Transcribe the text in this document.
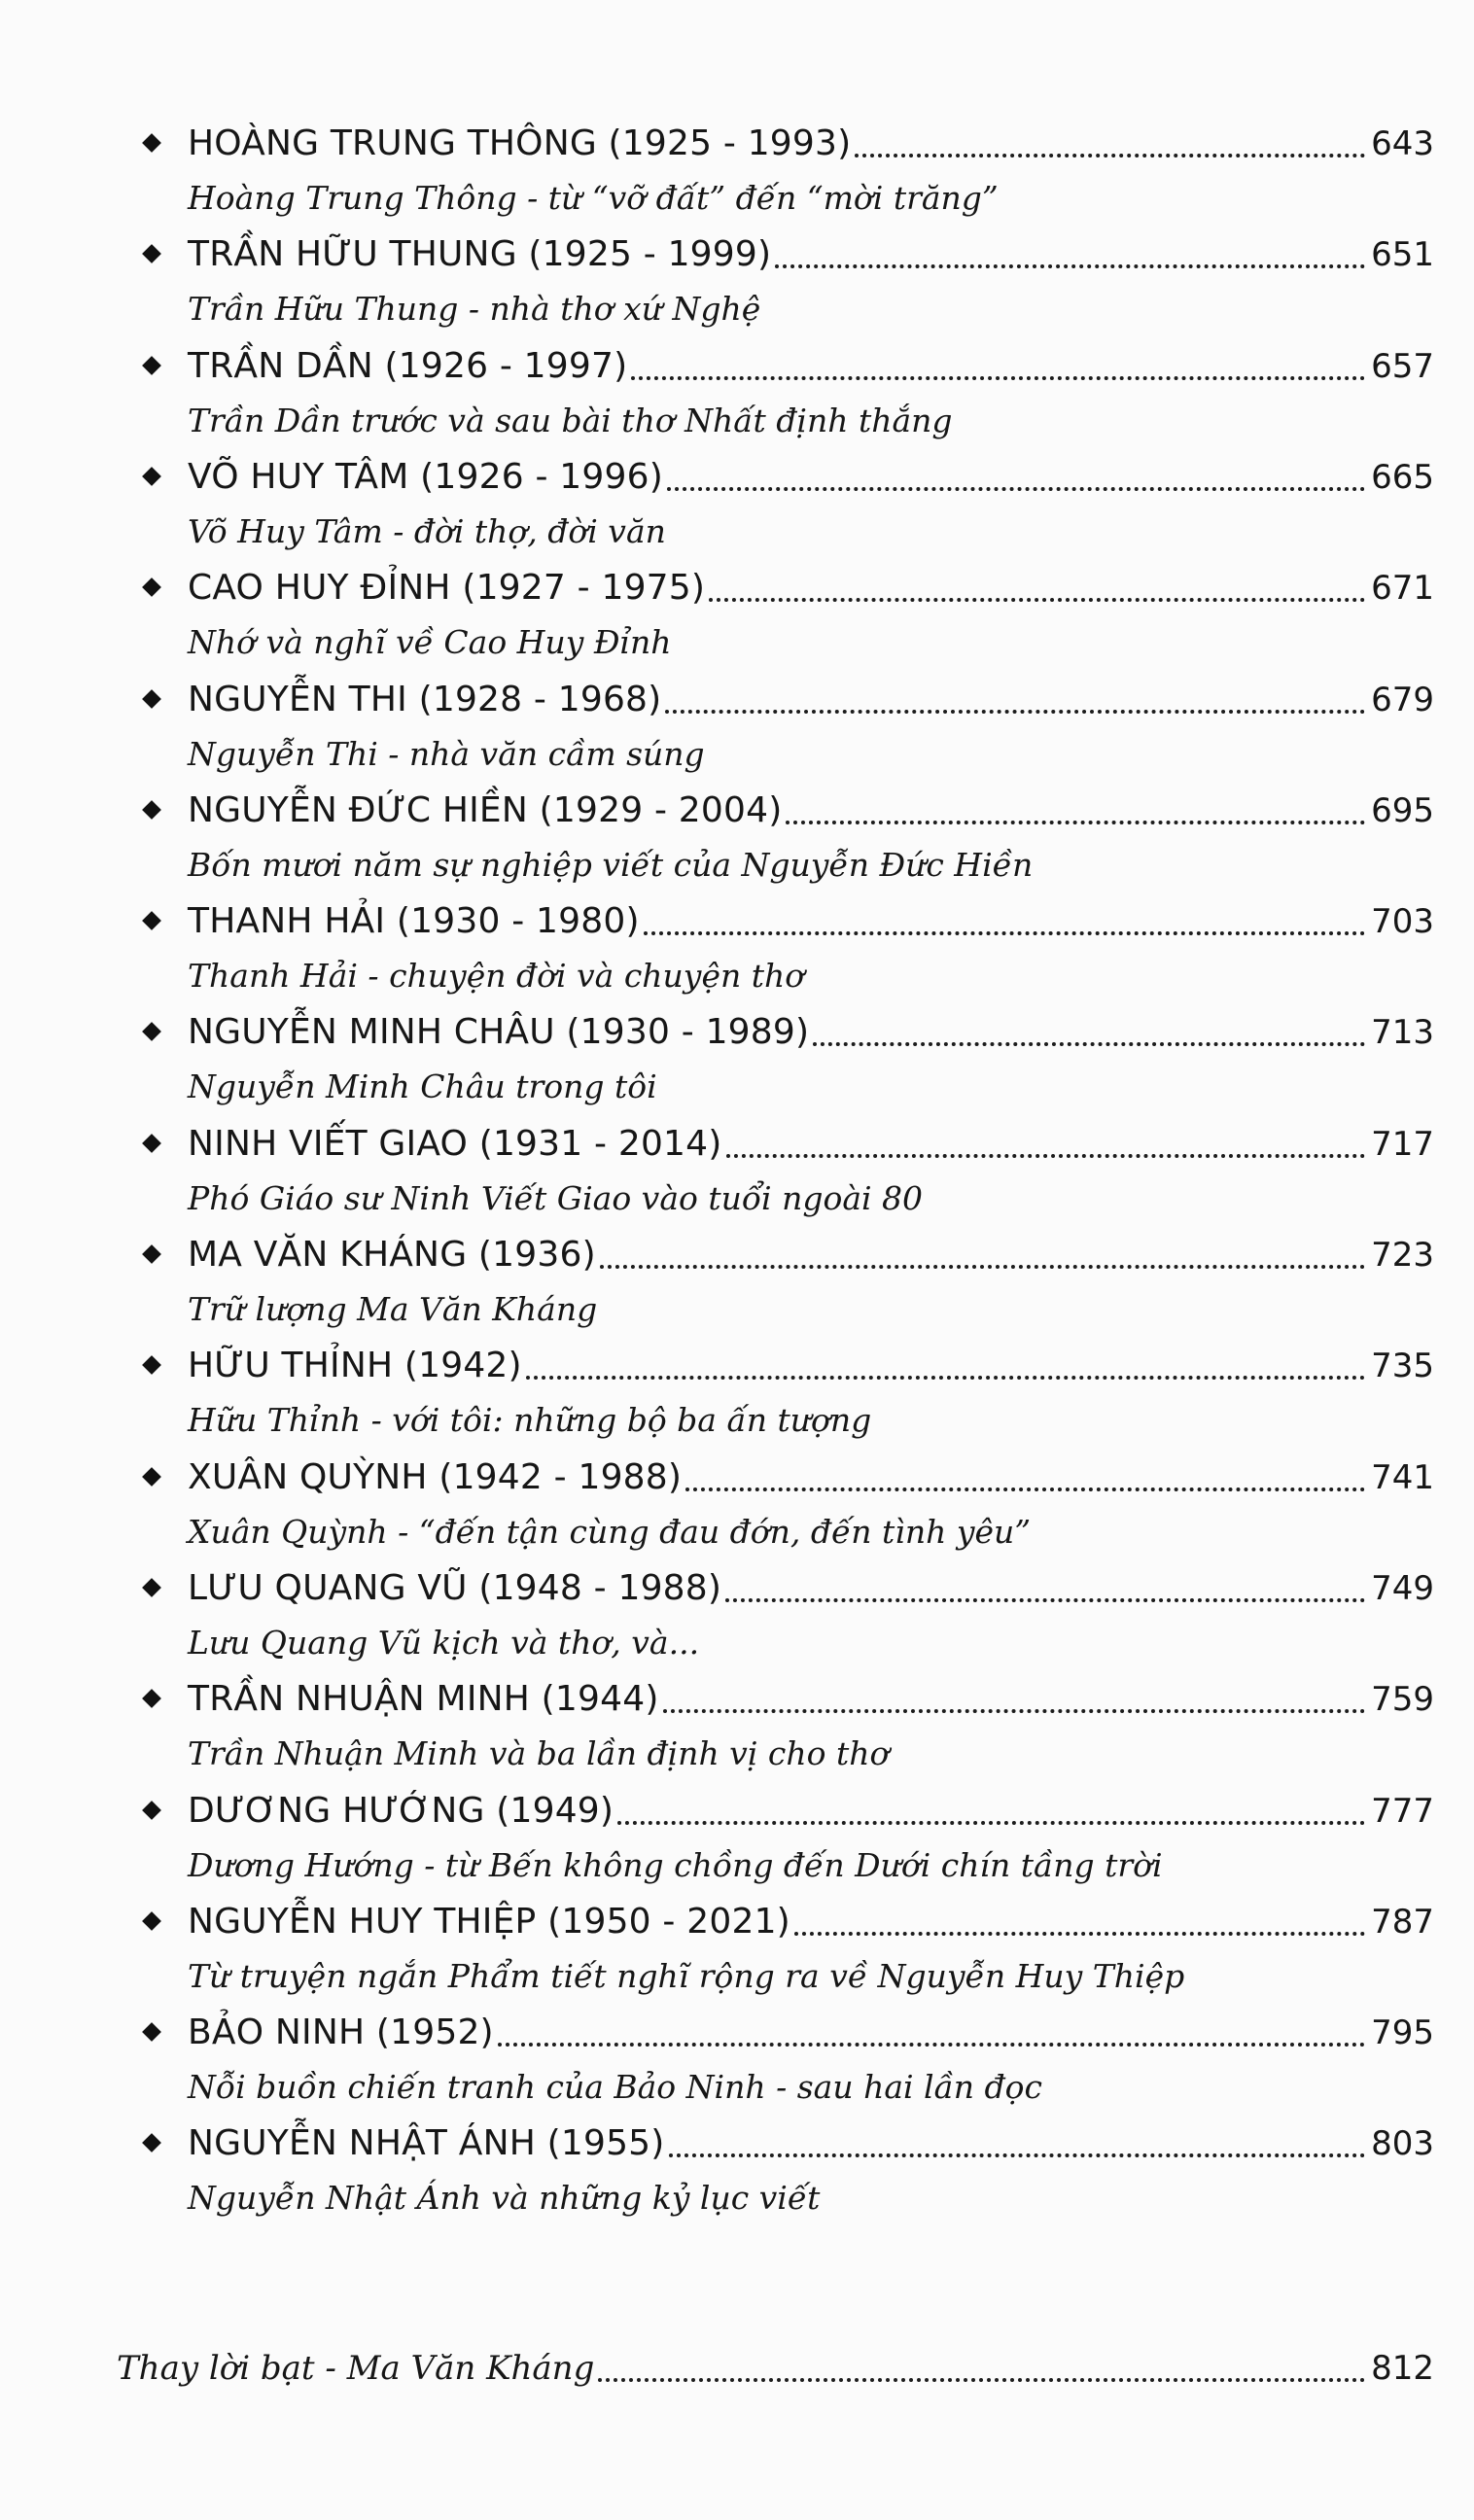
HOÀNG TRUNG THÔNG (1925 - 1993)	643
Hoàng Trung Thông - từ “vỡ đất” đến “mời trăng”
TRẦN HỮU THUNG (1925 - 1999)	651
Trần Hữu Thung - nhà thơ xứ Nghệ
TRẦN DẦN (1926 - 1997)	657
Trần Dần trước và sau bài thơ Nhất định thắng
VÕ HUY TÂM (1926 - 1996)	665
Võ Huy Tâm - đời thợ, đời văn
CAO HUY ĐỈNH (1927 - 1975)	671
Nhớ và nghĩ về Cao Huy Đỉnh
NGUYỄN THI (1928 - 1968)	679
Nguyễn Thi - nhà văn cầm súng
NGUYỄN ĐỨC HIỀN (1929 - 2004)	695
Bốn mươi năm sự nghiệp viết của Nguyễn Đức Hiền
THANH HẢI (1930 - 1980)	703
Thanh Hải - chuyện đời và chuyện thơ
NGUYỄN MINH CHÂU (1930 - 1989)	713
Nguyễn Minh Châu trong tôi
NINH VIẾT GIAO (1931 - 2014)	717
Phó Giáo sư Ninh Viết Giao vào tuổi ngoài 80
MA VĂN KHÁNG (1936)	723
Trữ lượng Ma Văn Kháng
HỮU THỈNH (1942)	735
Hữu Thỉnh - với tôi: những bộ ba ấn tượng
XUÂN QUỲNH (1942 - 1988)	741
Xuân Quỳnh - “đến tận cùng đau đớn, đến tình yêu”
LƯU QUANG VŨ (1948 - 1988)	749
Lưu Quang Vũ kịch và thơ, và...
TRẦN NHUẬN MINH (1944)	759
Trần Nhuận Minh và ba lần định vị cho thơ
DƯƠNG HƯỚNG (1949)	777
Dương Hướng - từ Bến không chồng đến Dưới chín tầng trời
NGUYỄN HUY THIỆP (1950 - 2021)	787
Từ truyện ngắn Phẩm tiết nghĩ rộng ra về Nguyễn Huy Thiệp
BẢO NINH (1952)	795
Nỗi buồn chiến tranh của Bảo Ninh - sau hai lần đọc
NGUYỄN NHẬT ÁNH (1955)	803
Nguyễn Nhật Ánh và những kỷ lục viết
Thay lời bạt - Ma Văn Kháng	812
